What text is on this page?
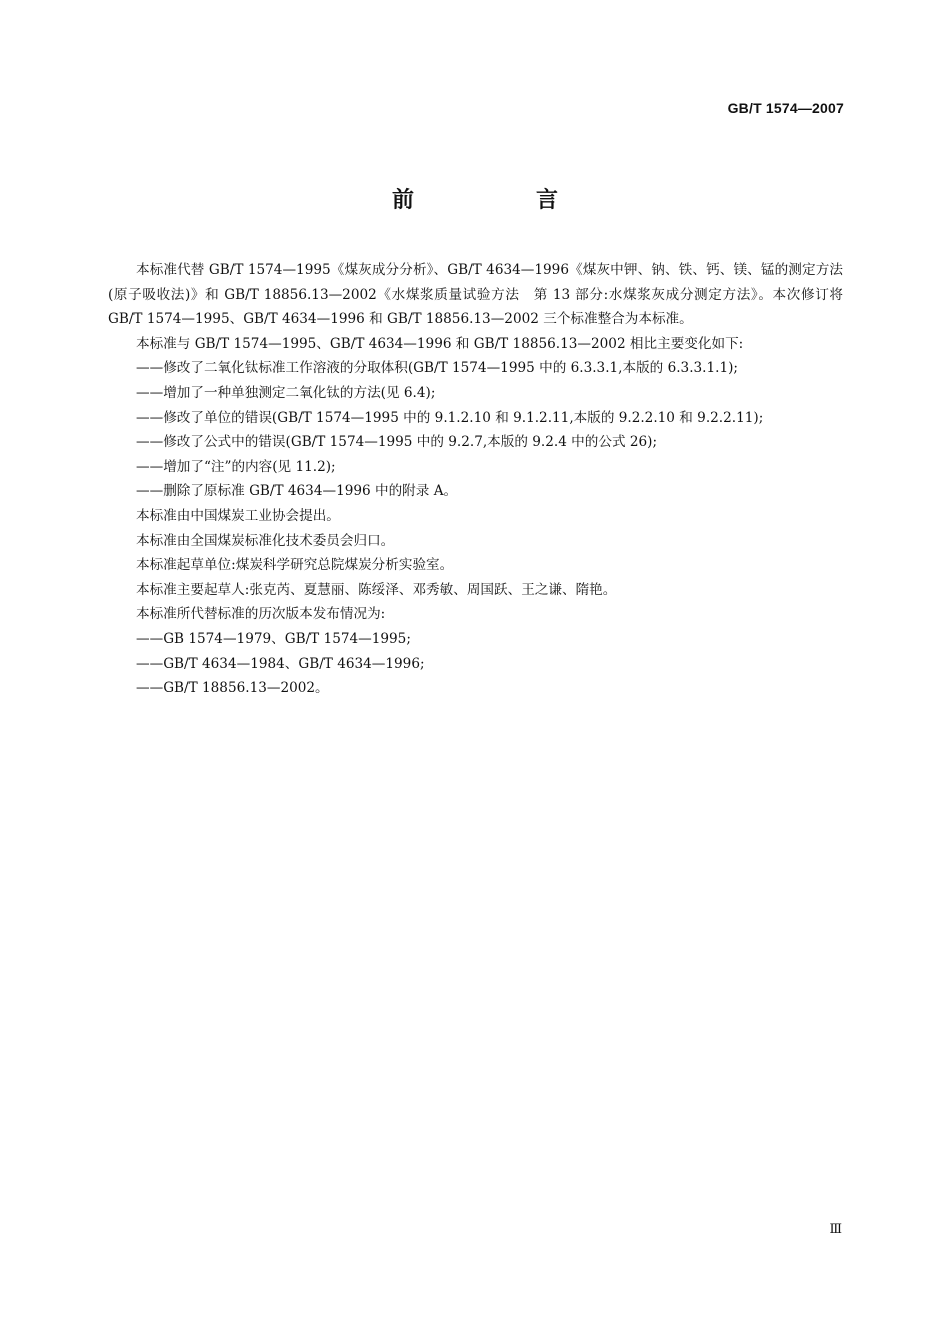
GB/T 1574—2007
前　言

本标准代替 GB/T 1574—1995《煤灰成分分析》、GB/T 4634—1996《煤灰中钾、钠、铁、钙、镁、锰的测定方法(原子吸收法)》和 GB/T 18856.13—2002《水煤浆质量试验方法　第 13 部分:水煤浆灰成分测定方法》。本次修订将 GB/T 1574—1995、GB/T 4634—1996 和 GB/T 18856.13—2002 三个标准整合为本标准。

本标准与 GB/T 1574—1995、GB/T 4634—1996 和 GB/T 18856.13—2002 相比主要变化如下:

——修改了二氧化钛标准工作溶液的分取体积(GB/T 1574—1995 中的 6.3.3.1,本版的 6.3.3.1.1);

——增加了一种单独测定二氧化钛的方法(见 6.4);

——修改了单位的错误(GB/T 1574—1995 中的 9.1.2.10 和 9.1.2.11,本版的 9.2.2.10 和 9.2.2.11);

——修改了公式中的错误(GB/T 1574—1995 中的 9.2.7,本版的 9.2.4 中的公式 26);

——增加了“注”的内容(见 11.2);

——删除了原标准 GB/T 4634—1996 中的附录 A。

本标准由中国煤炭工业协会提出。

本标准由全国煤炭标准化技术委员会归口。

本标准起草单位:煤炭科学研究总院煤炭分析实验室。

本标准主要起草人:张克芮、夏慧丽、陈绥泽、邓秀敏、周国跃、王之谦、隋艳。

本标准所代替标准的历次版本发布情况为:

——GB 1574—1979、GB/T 1574—1995;

——GB/T 4634—1984、GB/T 4634—1996;

——GB/T 18856.13—2002。

Ⅲ
